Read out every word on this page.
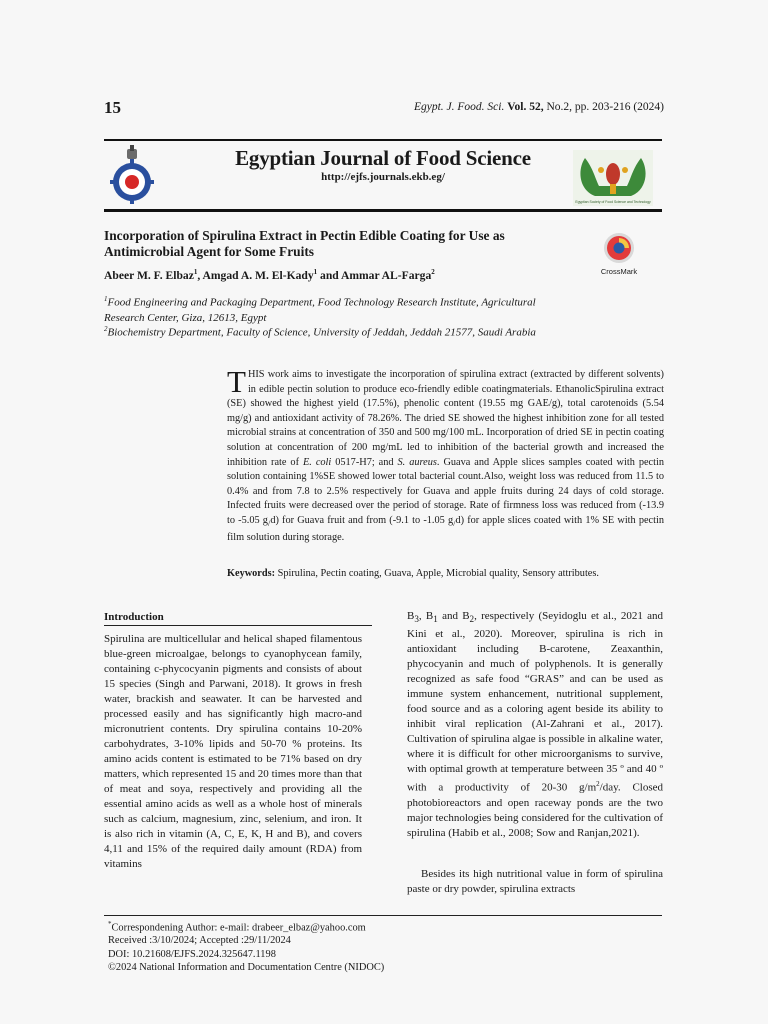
15	Egypt. J. Food. Sci. Vol. 52, No.2, pp. 203-216 (2024)
Egyptian Journal of Food Science
http://ejfs.journals.ekb.eg/
Egyptian Society of Food Science and Technology
Incorporation of Spirulina Extract in Pectin Edible Coating for Use as Antimicrobial Agent for Some Fruits
CrossMark
Abeer M. F. Elbaz$^1$, Amgad A. M. El-Kady$^1$ and Ammar AL-Farga$^2$
$^1$Food Engineering and Packaging Department, Food Technology Research Institute, Agricultural Research Center, Giza, 12613, Egypt
$^2$Biochemistry Department, Faculty of Science, University of Jeddah, Jeddah 21577, Saudi Arabia
THIS work aims to investigate the incorporation of spirulina extract (extracted by different solvents) in edible pectin solution to produce eco-friendly edible coatingmaterials. EthanolicSpirulina extract (SE) showed the highest yield (17.5%), phenolic content (19.55 mg GAE/g), total carotenoids (5.54 mg/g) and antioxidant activity of 78.26%. The dried SE showed the highest inhibition zone for all tested microbial strains at concentration of 350 and 500 mg/100 mL. Incorporation of dried SE in pectin coating solution at concentration of 200 mg/mL led to inhibition of the bacterial growth and increased the inhibition rate of E. coli 0517-H7; and S. aureus. Guava and Apple slices samples coated with pectin solution containing 1%SE showed lower total bacterial count.Also, weight loss was reduced from 11.5 to 0.4% and from 7.8 to 2.5% respectively for Guava and apple fruits during 24 days of cold storage. Infected fruits were decreased over the period of storage. Rate of firmness loss was reduced from (-13.9 to -5.05 $g_/d$) for Guava fruit and from (-9.1 to -1.05 $g_/d$) for apple slices coated with 1% SE with pectin film solution during storage.
Keywords: Spirulina, Pectin coating, Guava, Apple, Microbial quality, Sensory attributes.
Introduction
Spirulina are multicellular and helical shaped filamentous blue-green microalgae, belongs to cyanophycean family, containing c-phycocyanin pigments and consists of about 15 species (Singh and Parwani, 2018). It grows in fresh water, brackish and seawater. It can be harvested and processed easily and has significantly high macro-and micronutrient contents. Dry spirulina contains 10-20% carbohydrates, 3-10% lipids and 50-70 % proteins. Its amino acids content is estimated to be 71% based on dry matters, which represented 15 and 20 times more than that of meat and soya, respectively and providing all the essential amino acids as well as a whole host of minerals such as calcium, magnesium, zinc, selenium, and iron. It is also rich in vitamin (A, C, E, K, H and B), and covers 4,11 and 15% of the required daily amount (RDA) from vitamins
$B_3$, $B_1$ and $B_2$, respectively (Seyidoglu et al., 2021 and Kini et al., 2020). Moreover, spirulina is rich in antioxidant including B-carotene, Zeaxanthin, phycocyanin and much of polyphenols. It is generally recognized as safe food “GRAS” and can be used as immune system enhancement, nutritional supplement, food source and as a coloring agent beside its ability to inhibit viral replication (Al-Zahrani et al., 2017). Cultivation of spirulina algae is possible in alkaline water, where it is difficult for other microorganisms to survive, with optimal growth at temperature between 35 º and 40 º with a productivity of 20-30 $g/m^2$/day. Closed photobioreactors and open raceway ponds are the two major technologies being considered for the cultivation of spirulina (Habib et al., 2008; Sow and Ranjan,2021).
Besides its high nutritional value in form of spirulina paste or dry powder, spirulina extracts
*Correspondening Author: e-mail: drabeer_elbaz@yahoo.com
Received :3/10/2024; Accepted :29/11/2024
DOI: 10.21608/EJFS.2024.325647.1198
©2024 National Information and Documentation Centre (NIDOC)
